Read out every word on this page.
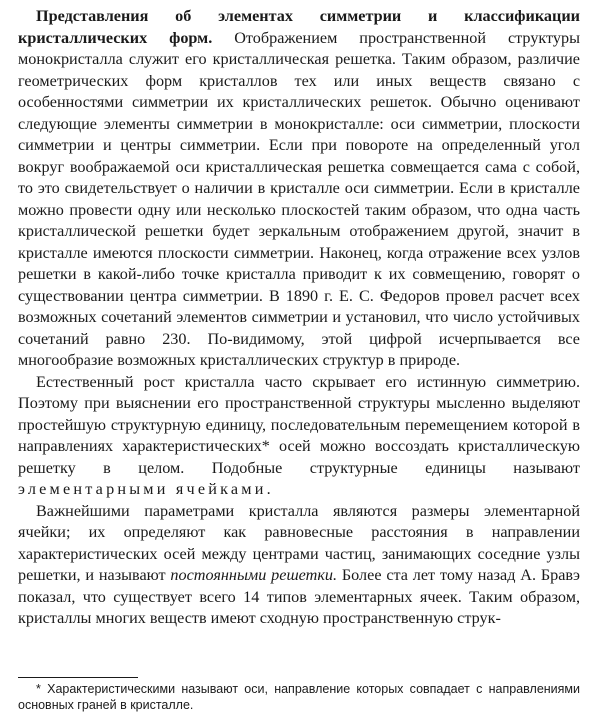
Представления об элементах симметрии и классификации кристаллических форм. Отображением пространственной структуры монокристалла служит его кристаллическая решетка. Таким образом, различие геометрических форм кристаллов тех или иных веществ связано с особенностями симметрии их кристаллических решеток. Обычно оценивают следующие элементы симметрии в монокристалле: оси симметрии, плоскости симметрии и центры симметрии. Если при повороте на определенный угол вокруг воображаемой оси кристаллическая решетка совмещается сама с собой, то это свидетельствует о наличии в кристалле оси симметрии. Если в кристалле можно провести одну или несколько плоскостей таким образом, что одна часть кристаллической решетки будет зеркальным отображением другой, значит в кристалле имеются плоскости симметрии. Наконец, когда отражение всех узлов решетки в какой-либо точке кристалла приводит к их совмещению, говорят о существовании центра симметрии. В 1890 г. Е. С. Федоров провел расчет всех возможных сочетаний элементов симметрии и установил, что число устойчивых сочетаний равно 230. По-видимому, этой цифрой исчерпывается все многообразие возможных кристаллических структур в природе.

Естественный рост кристалла часто скрывает его истинную симметрию. Поэтому при выяснении его пространственной структуры мысленно выделяют простейшую структурную единицу, последовательным перемещением которой в направлениях характеристических* осей можно воссоздать кристаллическую решетку в целом. Подобные структурные единицы называют элементарными ячейками.

Важнейшими параметрами кристалла являются размеры элементарной ячейки; их определяют как равновесные расстояния в направлении характеристических осей между центрами частиц, занимающих соседние узлы решетки, и называют постоянными решетки. Более ста лет тому назад А. Бравэ показал, что существует всего 14 типов элементарных ячеек. Таким образом, кристаллы многих веществ имеют сходную пространственную струк-

* Характеристическими называют оси, направление которых совпадает с направлениями основных граней в кристалле.
